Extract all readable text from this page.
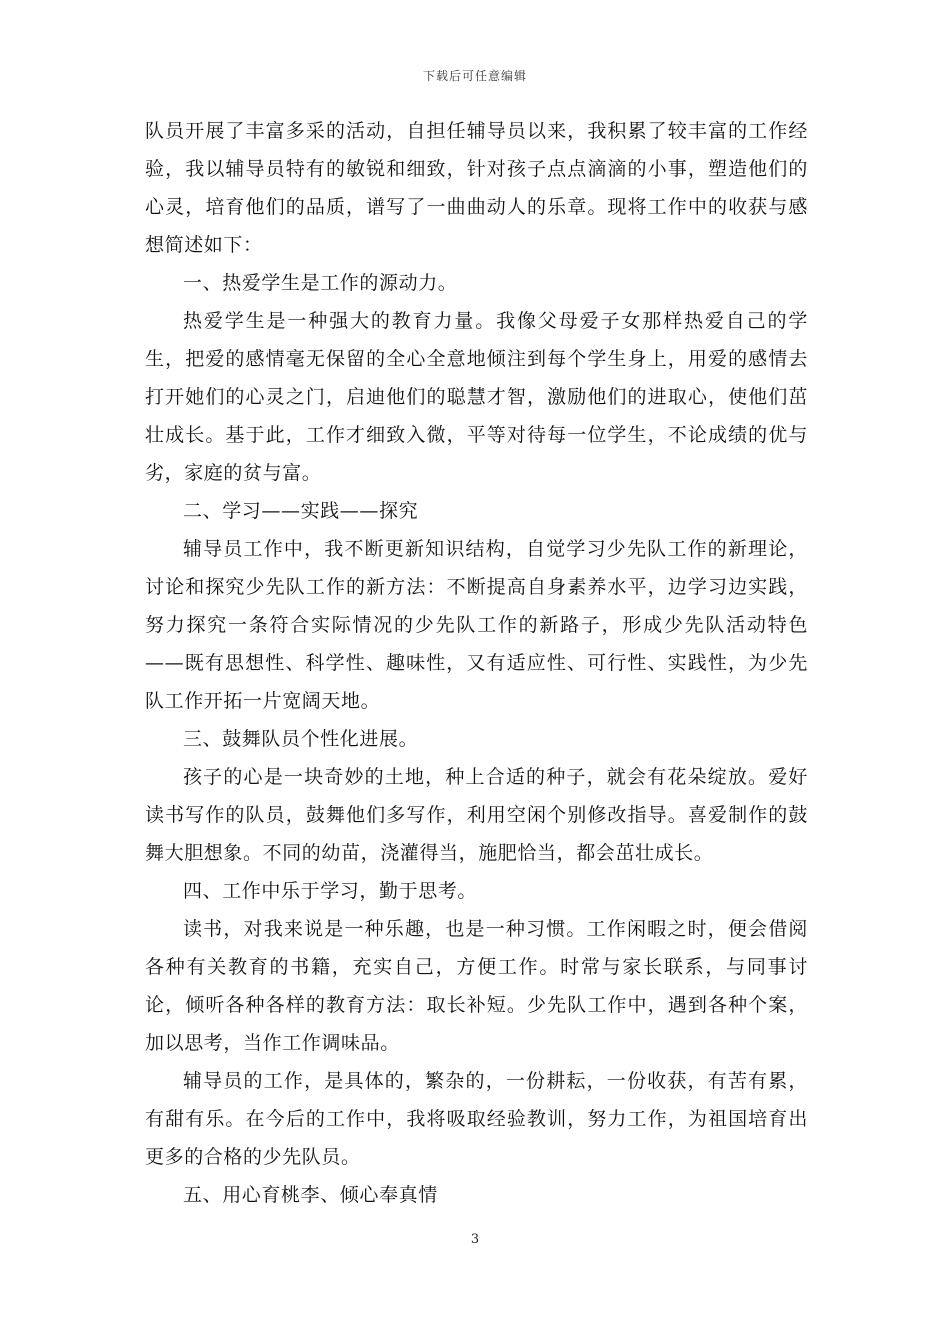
下载后可任意编辑

队员开展了丰富多采的活动，自担任辅导员以来，我积累了较丰富的工作经验，我以辅导员特有的敏锐和细致，针对孩子点点滴滴的小事，塑造他们的心灵，培育他们的品质，谱写了一曲曲动人的乐章。现将工作中的收获与感想简述如下：

一、热爱学生是工作的源动力。

热爱学生是一种强大的教育力量。我像父母爱子女那样热爱自己的学生，把爱的感情毫无保留的全心全意地倾注到每个学生身上，用爱的感情去打开她们的心灵之门，启迪他们的聪慧才智，激励他们的进取心，使他们茁壮成长。基于此，工作才细致入微，平等对待每一位学生，不论成绩的优与劣，家庭的贫与富。

二、学习——实践——探究

辅导员工作中，我不断更新知识结构，自觉学习少先队工作的新理论，讨论和探究少先队工作的新方法：不断提高自身素养水平，边学习边实践，努力探究一条符合实际情况的少先队工作的新路子，形成少先队活动特色——既有思想性、科学性、趣味性，又有适应性、可行性、实践性，为少先队工作开拓一片宽阔天地。

三、鼓舞队员个性化进展。

孩子的心是一块奇妙的土地，种上合适的种子，就会有花朵绽放。爱好读书写作的队员，鼓舞他们多写作，利用空闲个别修改指导。喜爱制作的鼓舞大胆想象。不同的幼苗，浇灌得当，施肥恰当，都会茁壮成长。

四、工作中乐于学习，勤于思考。

读书，对我来说是一种乐趣，也是一种习惯。工作闲暇之时，便会借阅各种有关教育的书籍，充实自己，方便工作。时常与家长联系，与同事讨论，倾听各种各样的教育方法：取长补短。少先队工作中，遇到各种个案，加以思考，当作工作调味品。

辅导员的工作，是具体的，繁杂的，一份耕耘，一份收获，有苦有累，有甜有乐。在今后的工作中，我将吸取经验教训，努力工作，为祖国培育出更多的合格的少先队员。

五、用心育桃李、倾心奉真情

3
